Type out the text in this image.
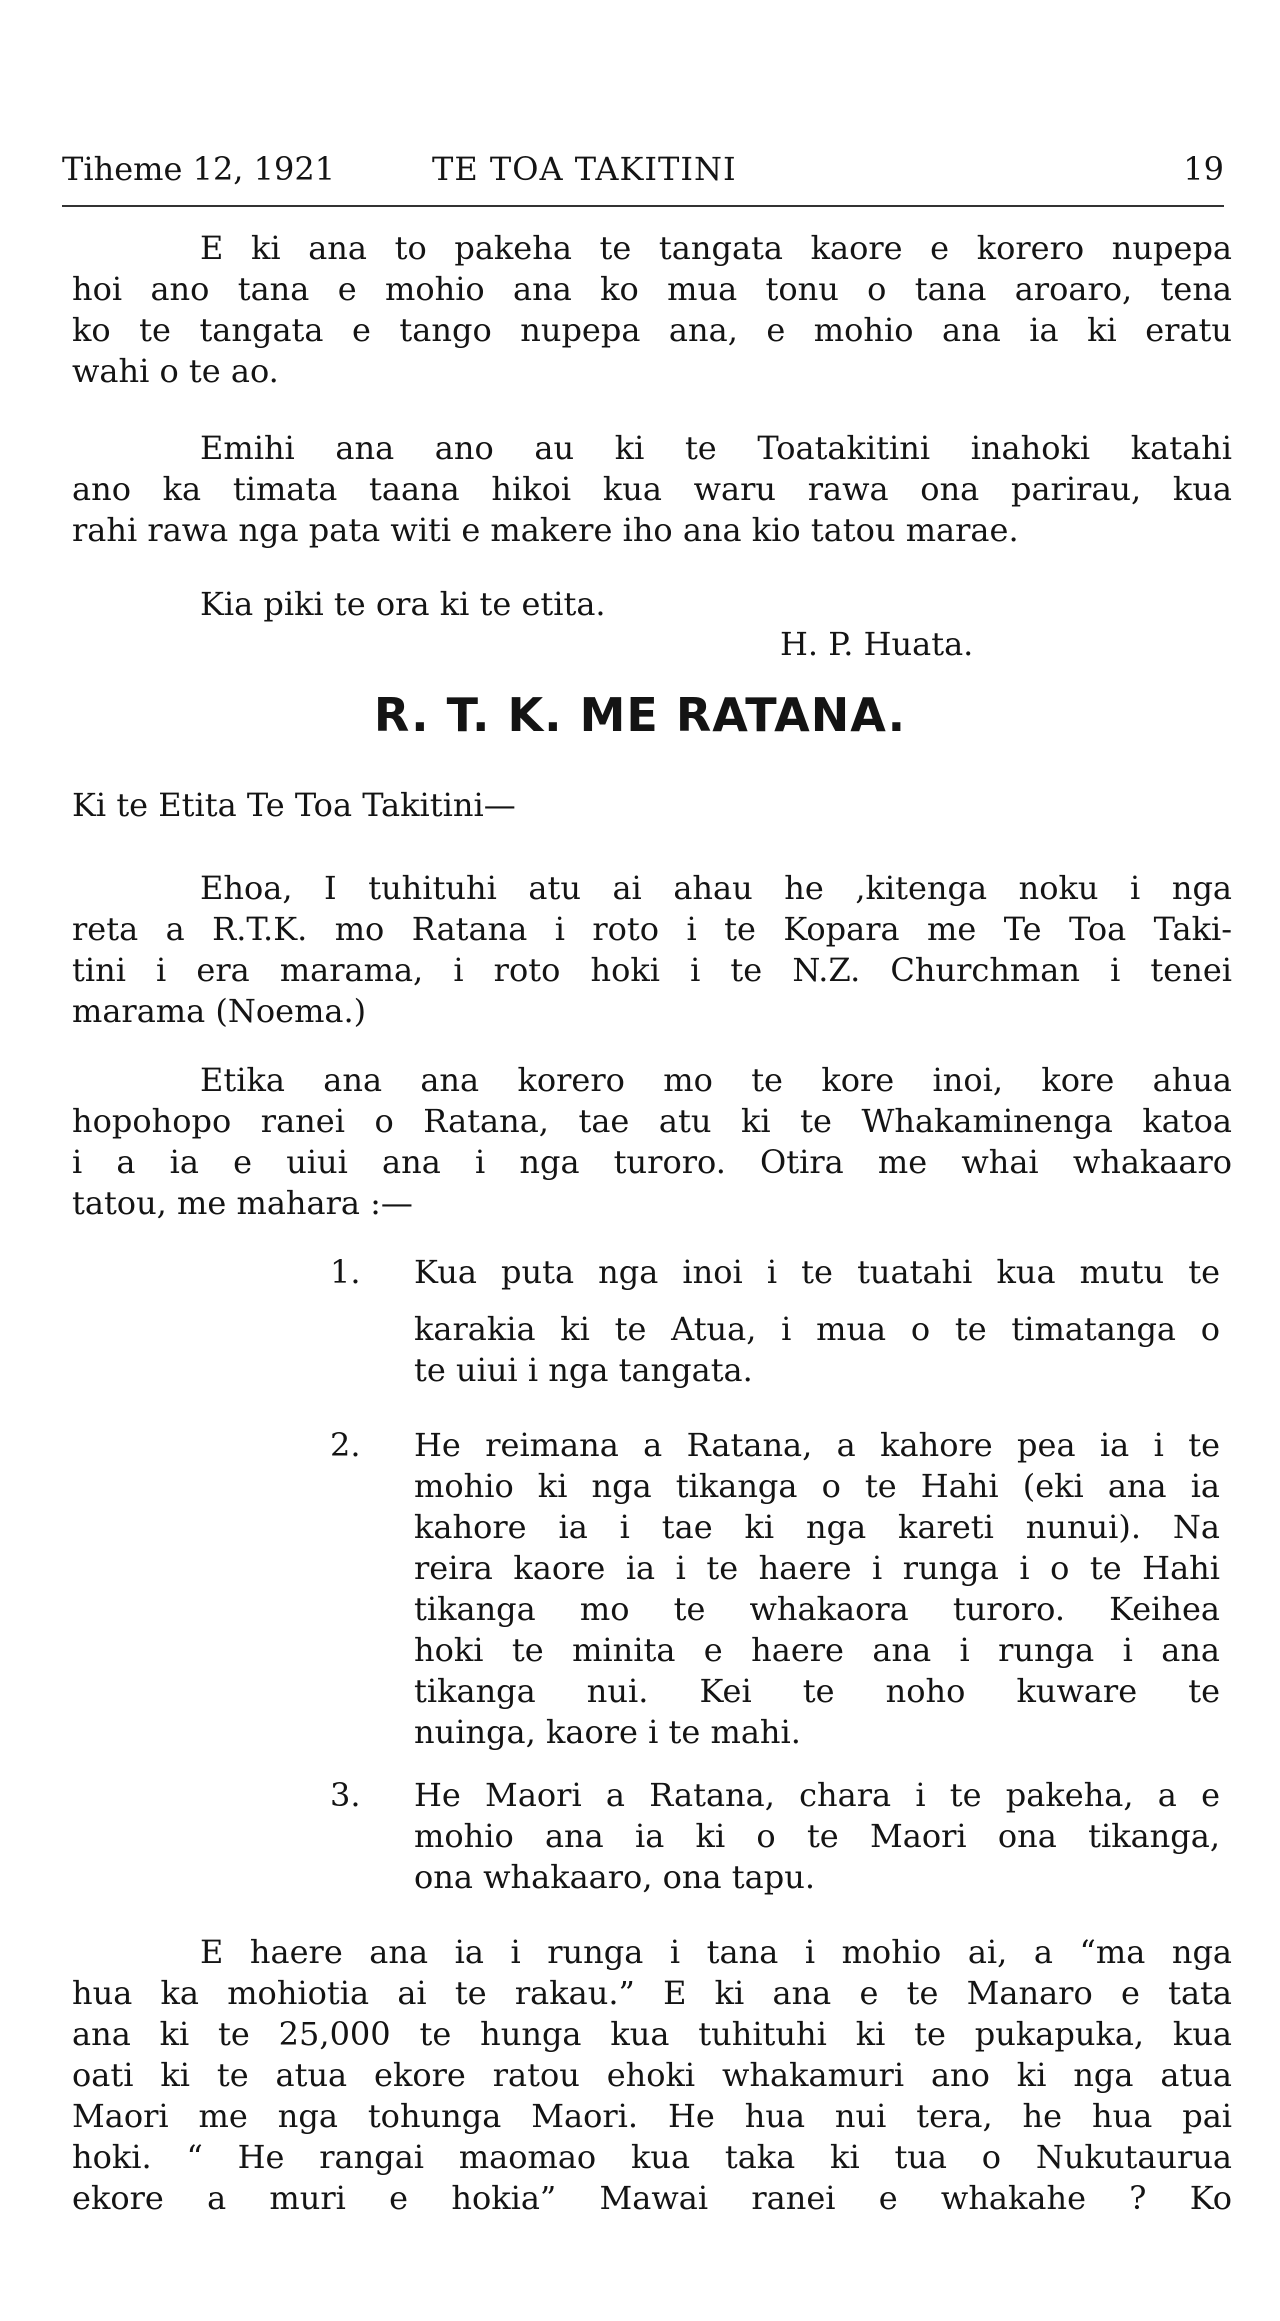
Tiheme 12, 1921	TE TOA TAKITINI	19
E ki ana to pakeha te tangata kaore e korero nupepa
hoi ano tana e mohio ana ko mua tonu o tana aroaro, tena
ko te tangata e tango nupepa ana, e mohio ana ia ki eratu
wahi o te ao.
Emihi ana ano au ki te Toatakitini inahoki katahi
ano ka timata taana hikoi kua waru rawa ona parirau, kua
rahi rawa nga pata witi e makere iho ana kio tatou marae.
Kia piki te ora ki te etita.
H. P. Huata.
R. T. K. ME RATANA.
Ki te Etita Te Toa Takitini—
Ehoa, I tuhituhi atu ai ahau he ,kitenga noku i nga
reta a R.T.K. mo Ratana i roto i te Kopara me Te Toa Taki-
tini i era marama, i roto hoki i te N.Z. Churchman i tenei
marama (Noema.)
Etika ana ana korero mo te kore inoi, kore ahua
hopohopo ranei o Ratana, tae atu ki te Whakaminenga katoa
i a ia e uiui ana i nga turoro. Otira me whai whakaaro
tatou, me mahara :—
1. Kua puta nga inoi i te tuatahi kua mutu te
karakia ki te Atua, i mua o te timatanga o
te uiui i nga tangata.
2. He reimana a Ratana, a kahore pea ia i te
mohio ki nga tikanga o te Hahi (eki ana ia
kahore ia i tae ki nga kareti nunui). Na
reira kaore ia i te haere i runga i o te Hahi
tikanga mo te whakaora turoro. Keihea
hoki te minita e haere ana i runga i ana
tikanga nui. Kei te noho kuware te
nuinga, kaore i te mahi.
3. He Maori a Ratana, chara i te pakeha, a e
mohio ana ia ki o te Maori ona tikanga,
ona whakaaro, ona tapu.
E haere ana ia i runga i tana i mohio ai, a “ma nga
hua ka mohiotia ai te rakau.” E ki ana e te Manaro e tata
ana ki te 25,000 te hunga kua tuhituhi ki te pukapuka, kua
oati ki te atua ekore ratou ehoki whakamuri ano ki nga atua
Maori me nga tohunga Maori. He hua nui tera, he hua pai
hoki. “ He rangai maomao kua taka ki tua o Nukutaurua
ekore a muri e hokia” Mawai ranei e whakahe ? Ko
